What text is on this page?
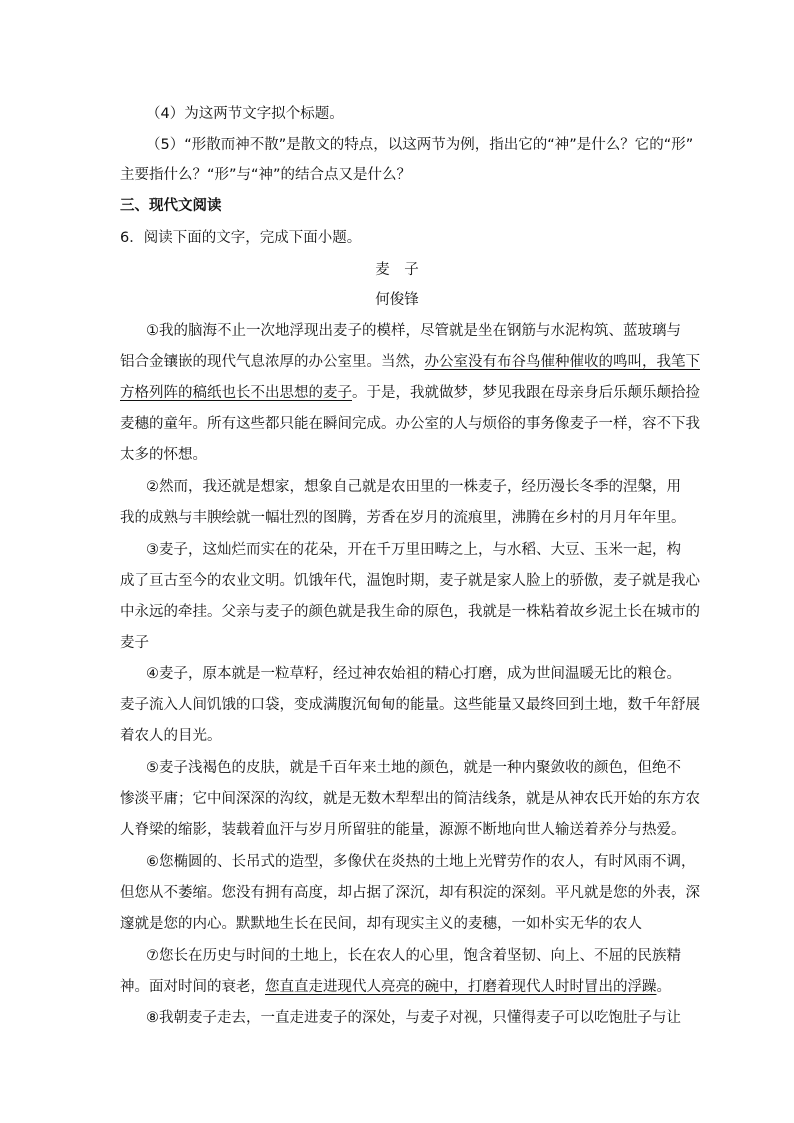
（4）为这两节文字拟个标题。
（5）“形散而神不散”是散文的特点，以这两节为例，指出它的“神”是什么？它的“形”
主要指什么？“形”与“神”的结合点又是什么？
三、现代文阅读
6．阅读下面的文字，完成下面小题。
麦　子
何俊锋
①我的脑海不止一次地浮现出麦子的模样，尽管就是坐在钢筋与水泥构筑、蓝玻璃与
铝合金镶嵌的现代气息浓厚的办公室里。当然，办公室没有布谷鸟催种催收的鸣叫，我笔下
方格列阵的稿纸也长不出思想的麦子。于是，我就做梦，梦见我跟在母亲身后乐颠乐颠拾捡
麦穗的童年。所有这些都只能在瞬间完成。办公室的人与烦俗的事务像麦子一样，容不下我
太多的怀想。
②然而，我还就是想家，想象自己就是农田里的一株麦子，经历漫长冬季的涅槃，用
我的成熟与丰腴绘就一幅壮烈的图腾，芳香在岁月的流痕里，沸腾在乡村的月月年年里。
③麦子，这灿烂而实在的花朵，开在千万里田畴之上，与水稻、大豆、玉米一起，构
成了亘古至今的农业文明。饥饿年代，温饱时期，麦子就是家人脸上的骄傲，麦子就是我心
中永远的牵挂。父亲与麦子的颜色就是我生命的原色，我就是一株粘着故乡泥土长在城市的
麦子
④麦子，原本就是一粒草籽，经过神农始祖的精心打磨，成为世间温暖无比的粮仓。
麦子流入人间饥饿的口袋，变成满腹沉甸甸的能量。这些能量又最终回到土地，数千年舒展
着农人的目光。
⑤麦子浅褐色的皮肤，就是千百年来土地的颜色，就是一种内聚敛收的颜色，但绝不
惨淡平庸；它中间深深的沟纹，就是无数木犁犁出的简洁线条，就是从神农氏开始的东方农
人脊梁的缩影，装载着血汗与岁月所留驻的能量，源源不断地向世人输送着养分与热爱。
⑥您椭圆的、长吊式的造型，多像伏在炎热的土地上光臂劳作的农人，有时风雨不调，
但您从不萎缩。您没有拥有高度，却占据了深沉，却有积淀的深刻。平凡就是您的外表，深
邃就是您的内心。默默地生长在民间，却有现实主义的麦穗，一如朴实无华的农人
⑦您长在历史与时间的土地上，长在农人的心里，饱含着坚韧、向上、不屈的民族精
神。面对时间的衰老，您直直走进现代人亮亮的碗中，打磨着现代人时时冒出的浮躁。
⑧我朝麦子走去，一直走进麦子的深处，与麦子对视，只懂得麦子可以吃饱肚子与让
